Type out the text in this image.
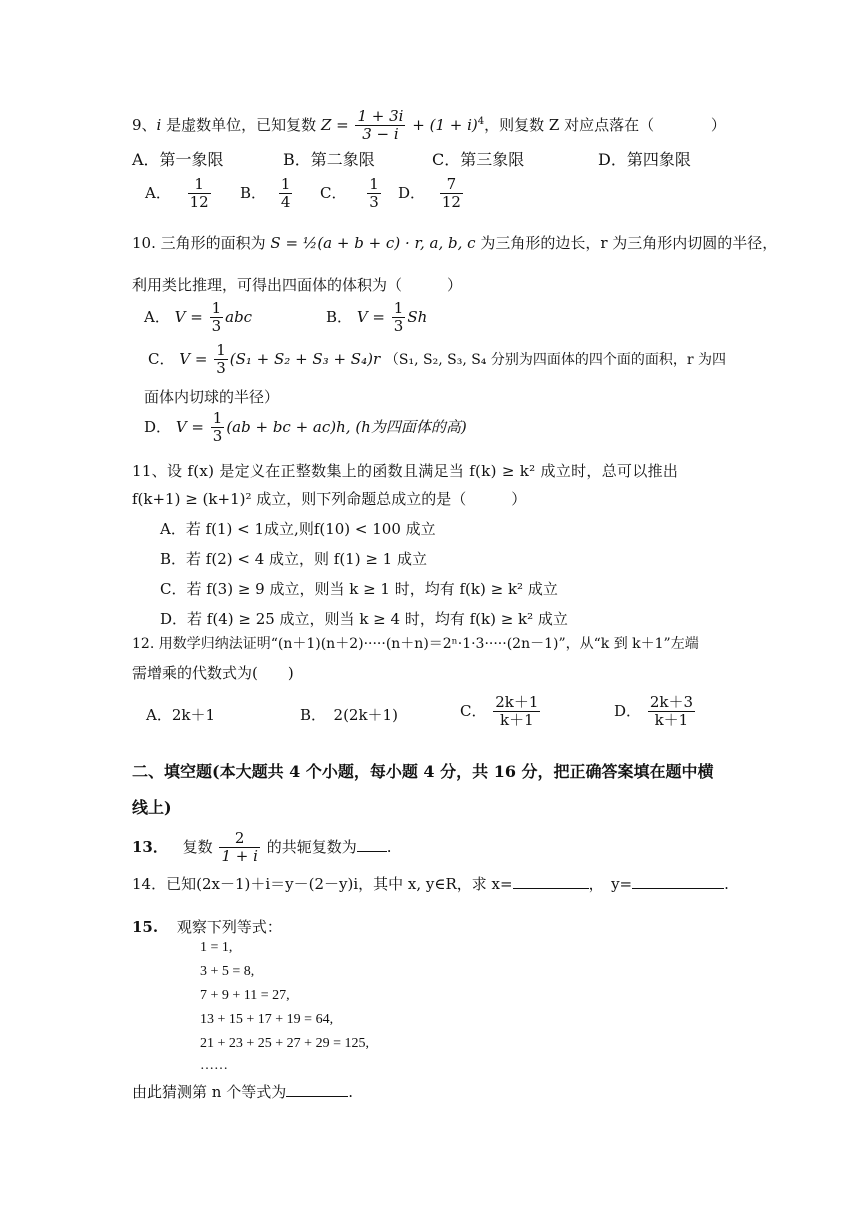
9、i 是虚数单位，已知复数 $Z = \frac{1 + 3i}{3 - i} + (1 + i)^4$，则复数 Z 对应点落在（	）
A．第一象限	B．第二象限	C．第三象限	D．第四象限
A． $\frac{1}{12}$ B． $\frac{1}{4}$ C． $\frac{1}{3}$ D． $\frac{7}{12}$
10. 三角形的面积为 S = ½(a + b + c) · r, a, b, c 为三角形的边长，r 为三角形内切圆的半径，
利用类比推理，可得出四面体的体积为（　　　）
A． $V = \frac{1}{3}$ abc	B． $V = \frac{1}{3}$ Sh
C． $V = \frac{1}{3} (S_1 + S_2 + S_3 + S_4)r$ （S₁, S₂, S₃, S₄ 分别为四面体的四个面的面积，r 为四
面体内切球的半径）
D． $V = \frac{1}{3} (ab$ + bc + ac)h, (h为四面体的高)
11、设 f(x) 是定义在正整数集上的函数且满足当 f(k) ≥ k² 成立时，总可以推出
f(k+1) ≥ (k+1)² 成立，则下列命题总成立的是（　　　）
A．若 f(1) < 1成立,则f(10) < 100 成立
B．若 f(2) < 4 成立，则 f(1) ≥ 1 成立
C．若 f(3) ≥ 9 成立，则当 k ≥ 1 时，均有 f(k) ≥ k² 成立
D．若 f(4) ≥ 25 成立，则当 k ≥ 4 时，均有 f(k) ≥ k² 成立
12. 用数学归纳法证明“(n＋1)(n＋2)·····(n＋n)＝2ⁿ·1·3·····(2n－1)”，从“k 到 k＋1”左端
需增乘的代数式为(　　)
A．2k＋1	B．　2(2k＋1)	C． $\frac{2k+1}{k+1}$	D． $\frac{2k+3}{k+1}$
二、填空题(本大题共 4 个小题，每小题 4 分，共 16 分，把正确答案填在题中横
线上)
13． 复数 $\frac{2}{1 + i}$ 的共轭复数为 .
14．已知(2x－1)＋i＝y－(2－y)i，其中 x, y∈R，求 x=	，　y=	.
15. 观察下列等式：
1 = 1,
3 + 5 = 8,
7 + 9 + 11 = 27,
13 + 15 + 17 + 19 = 64,
21 + 23 + 25 + 27 + 29 = 125,
……
由此猜测第 n 个等式为	.
